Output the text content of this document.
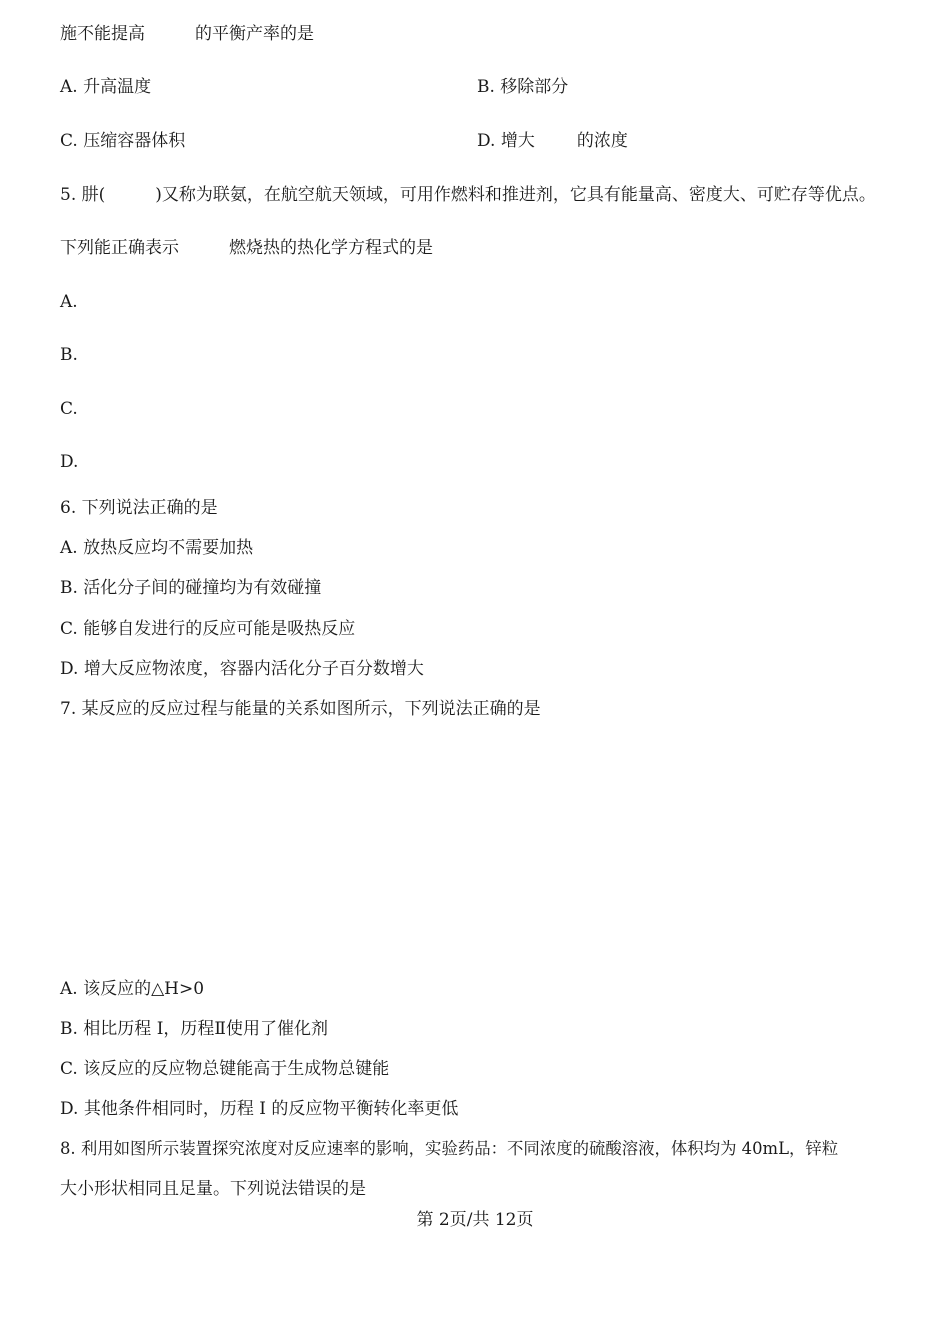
施不能提高	的平衡产率的是
A. 升高温度	B. 移除部分
C. 压缩容器体积	D. 增大 的浓度
5. 肼(	)又称为联氨，在航空航天领域，可用作燃料和推进剂，它具有能量高、密度大、可贮存等优点。
下列能正确表示	燃烧热的热化学方程式的是
A.
B.
C.
D.
6. 下列说法正确的是
A. 放热反应均不需要加热
B. 活化分子间的碰撞均为有效碰撞
C. 能够自发进行的反应可能是吸热反应
D. 增大反应物浓度，容器内活化分子百分数增大
7. 某反应的反应过程与能量的关系如图所示，下列说法正确的是
A. 该反应的△H>0
B. 相比历程 I，历程Ⅱ使用了催化剂
C. 该反应的反应物总键能高于生成物总键能
D. 其他条件相同时，历程 I 的反应物平衡转化率更低
8. 利用如图所示装置探究浓度对反应速率的影响，实验药品：不同浓度的硫酸溶液，体积均为 40mL，锌粒
大小形状相同且足量。下列说法错误的是
第 2页/共 12页
